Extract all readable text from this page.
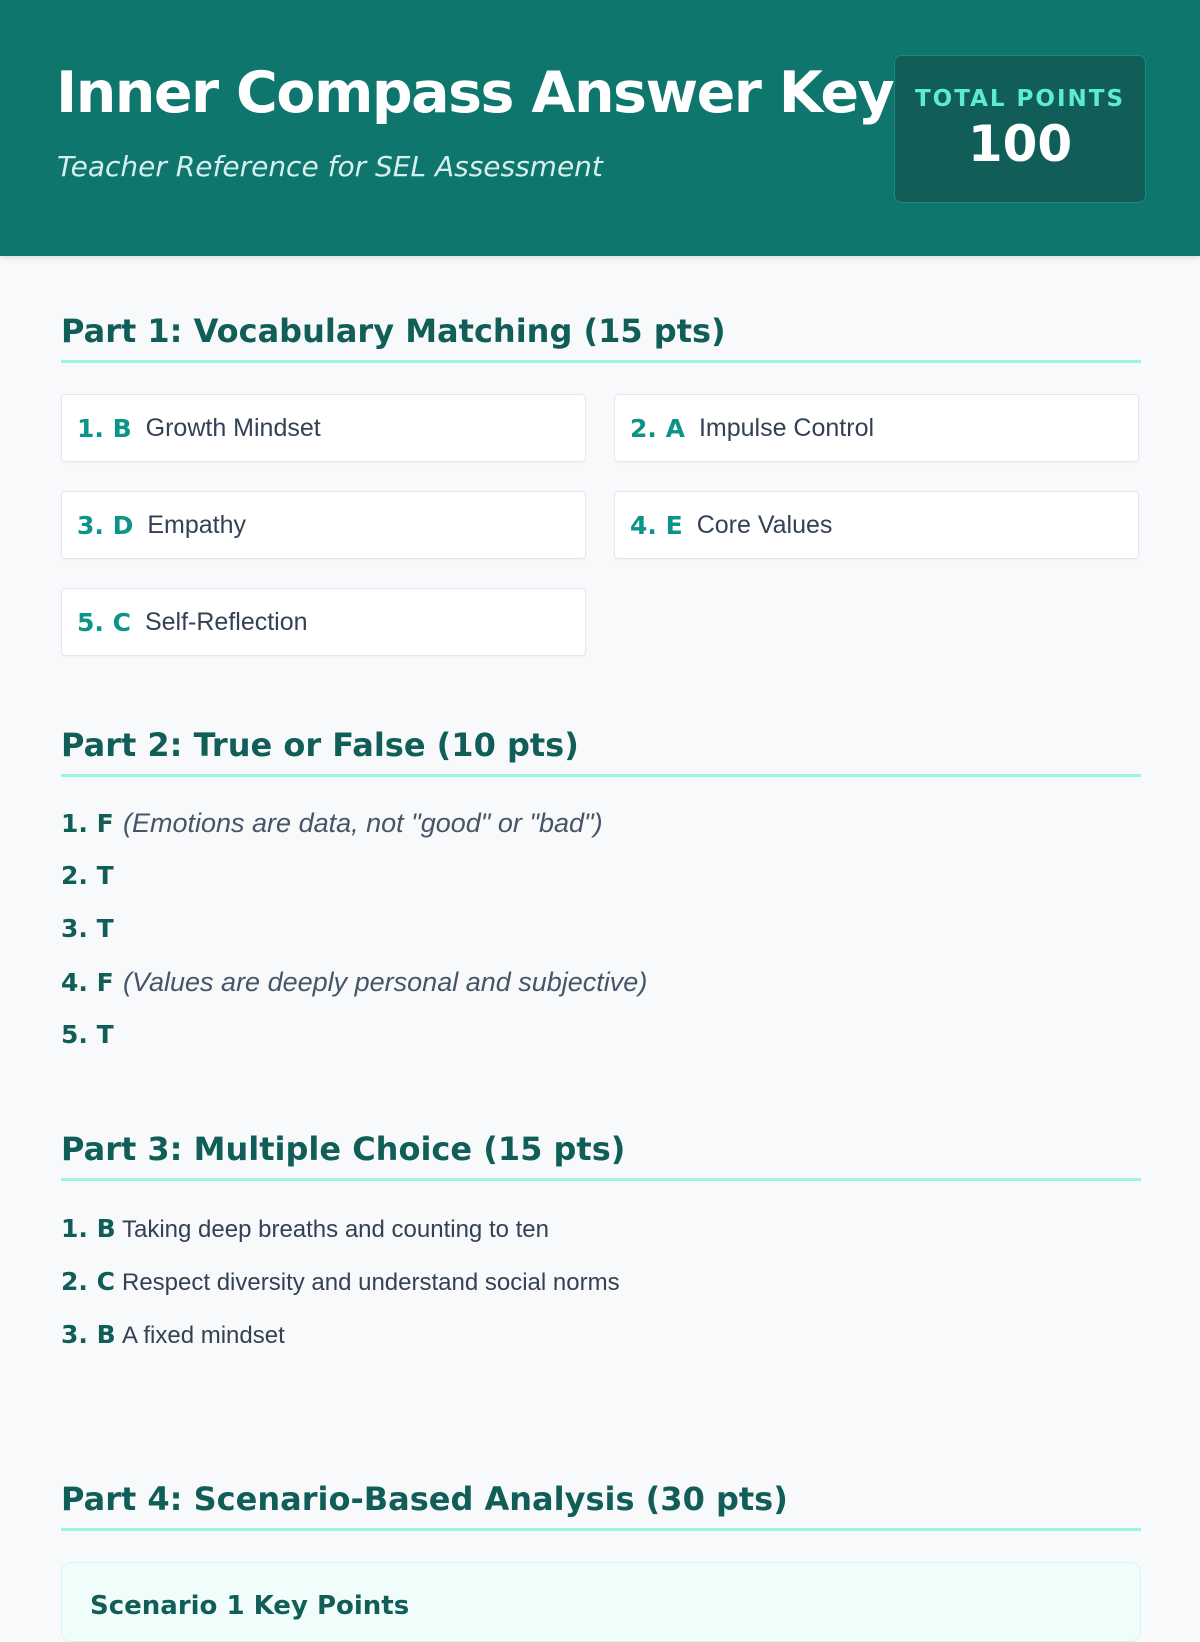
Inner Compass Answer Key
Teacher Reference for SEL Assessment
TOTAL POINTS
100
Part 1: Vocabulary Matching (15 pts)
1. B Growth Mindset	2. A Impulse Control
3. D Empathy	4. E Core Values
5. C Self-Reflection
Part 2: True or False (10 pts)
1. F (Emotions are data, not "good" or "bad")
2. T
3. T
4. F (Values are deeply personal and subjective)
5. T
Part 3: Multiple Choice (15 pts)
1. B Taking deep breaths and counting to ten
2. C Respect diversity and understand social norms
3. B A fixed mindset
Part 4: Scenario-Based Analysis (30 pts)
Scenario 1 Key Points
